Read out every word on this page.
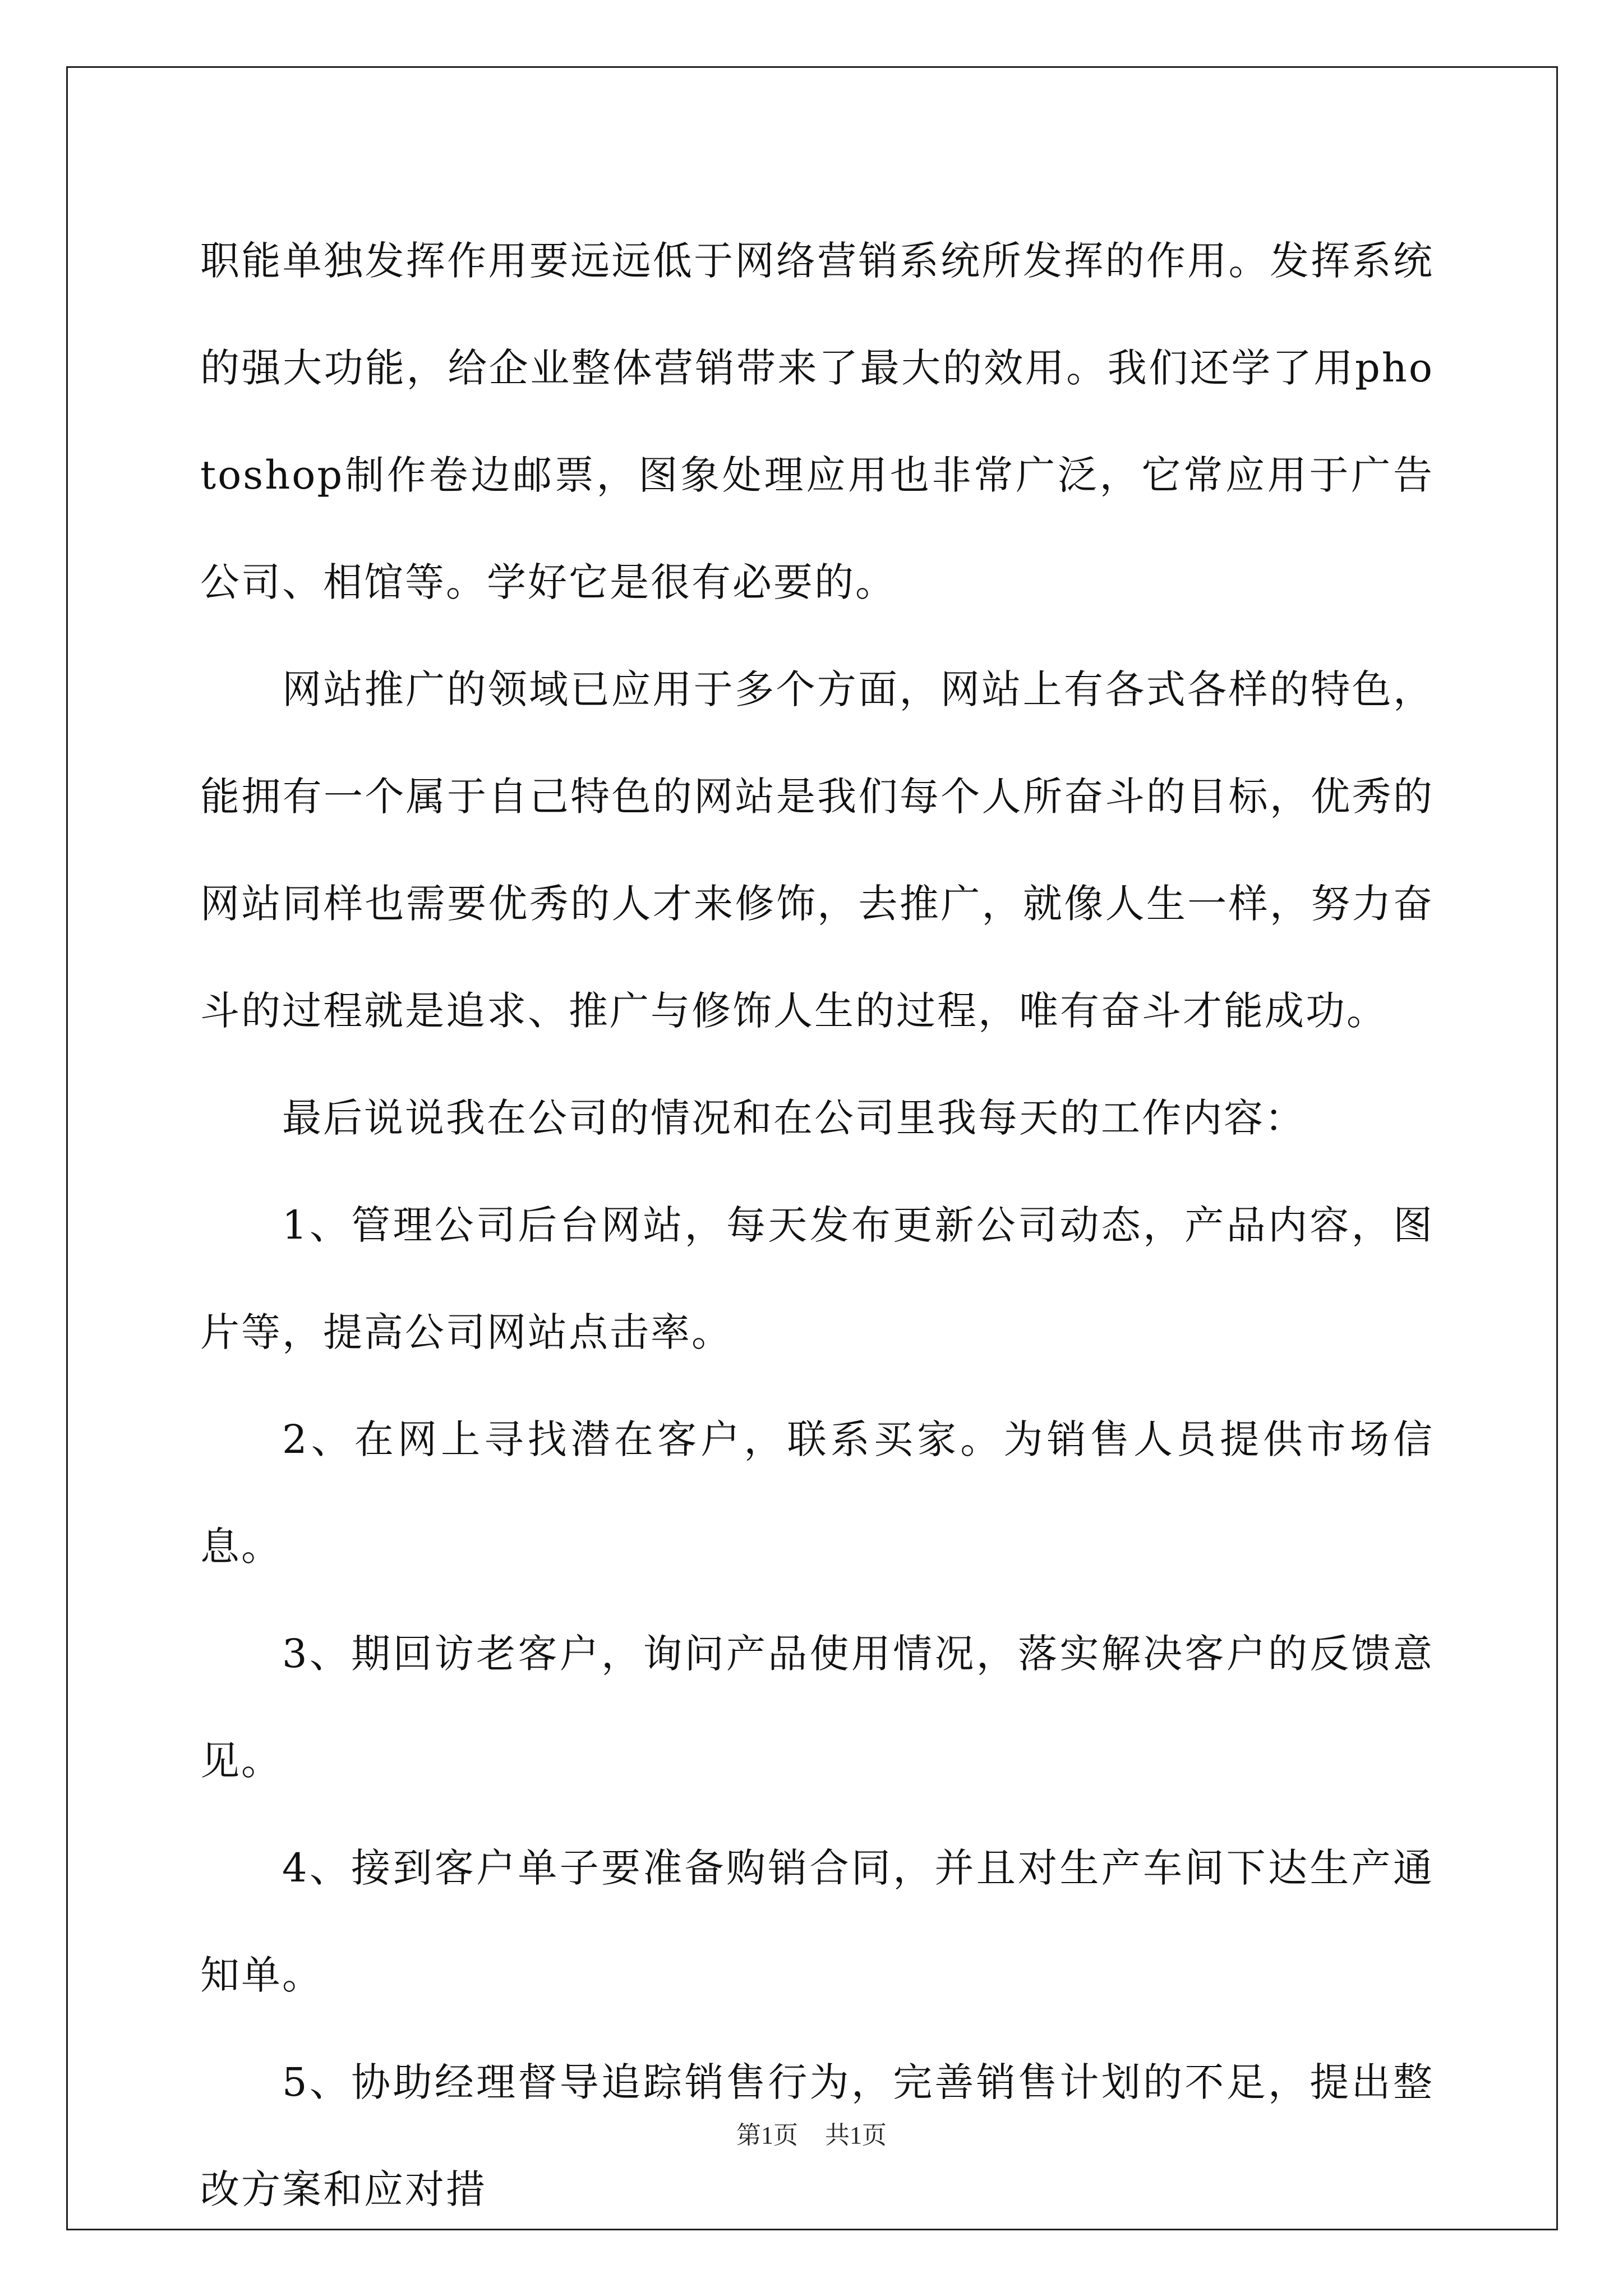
职能单独发挥作用要远远低于网络营销系统所发挥的作用。发挥系统的强大功能，给企业整体营销带来了最大的效用。我们还学了用photoshop制作卷边邮票，图象处理应用也非常广泛，它常应用于广告公司、相馆等。学好它是很有必要的。

网站推广的领域已应用于多个方面，网站上有各式各样的特色，能拥有一个属于自己特色的网站是我们每个人所奋斗的目标，优秀的网站同样也需要优秀的人才来修饰，去推广，就像人生一样，努力奋斗的过程就是追求、推广与修饰人生的过程，唯有奋斗才能成功。

最后说说我在公司的情况和在公司里我每天的工作内容：

1、管理公司后台网站，每天发布更新公司动态，产品内容，图片等，提高公司网站点击率。

2、在网上寻找潜在客户，联系买家。为销售人员提供市场信息。

3、期回访老客户，询问产品使用情况，落实解决客户的反馈意见。

4、接到客户单子要准备购销合同，并且对生产车间下达生产通知单。

5、协助经理督导追踪销售行为，完善销售计划的不足，提出整改方案和应对措

第1页 共1页
